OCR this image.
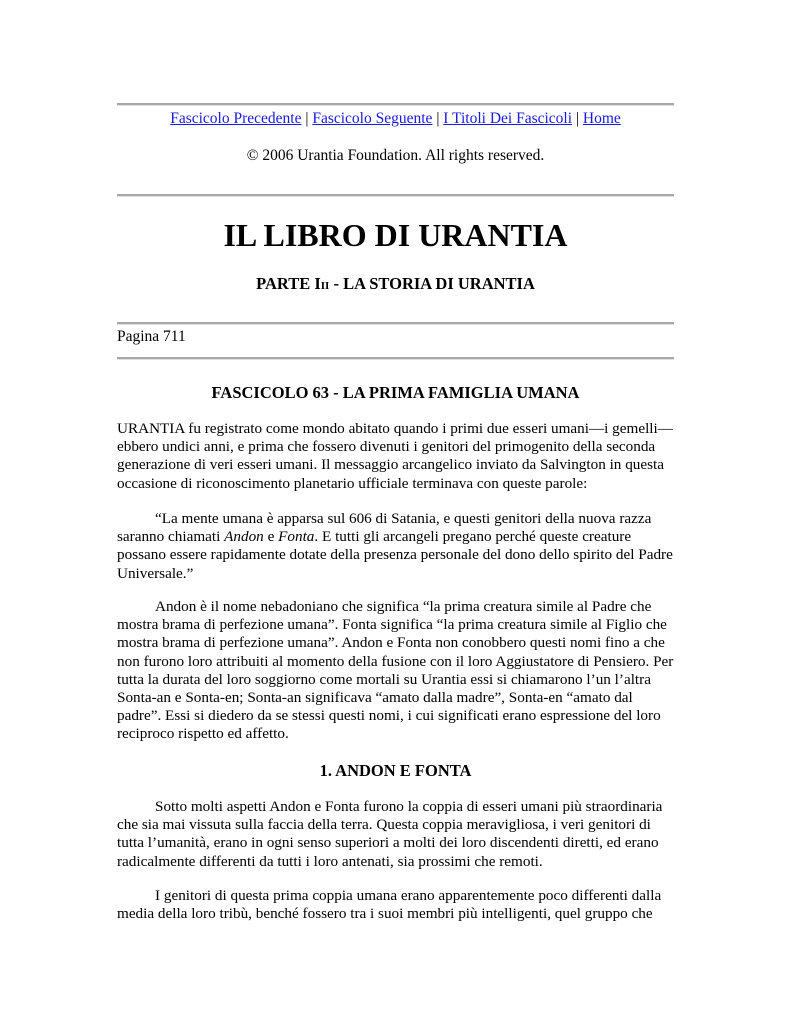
Fascicolo Precedente | Fascicolo Seguente | I Titoli Dei Fascicoli | Home
© 2006 Urantia Foundation. All rights reserved.
IL LIBRO DI URANTIA
PARTE III - LA STORIA DI URANTIA
Pagina 711
FASCICOLO 63 - LA PRIMA FAMIGLIA UMANA

URANTIA fu registrato come mondo abitato quando i primi due esseri umani—i gemelli—ebbero undici anni, e prima che fossero divenuti i genitori del primogenito della seconda generazione di veri esseri umani. Il messaggio arcangelico inviato da Salvington in questa occasione di riconoscimento planetario ufficiale terminava con queste parole:

“La mente umana è apparsa sul 606 di Satania, e questi genitori della nuova razza saranno chiamati Andon e Fonta. E tutti gli arcangeli pregano perché queste creature possano essere rapidamente dotate della presenza personale del dono dello spirito del Padre Universale.”

Andon è il nome nebadoniano che significa “la prima creatura simile al Padre che mostra brama di perfezione umana”. Fonta significa “la prima creatura simile al Figlio che mostra brama di perfezione umana”. Andon e Fonta non conobbero questi nomi fino a che non furono loro attribuiti al momento della fusione con il loro Aggiustatore di Pensiero. Per tutta la durata del loro soggiorno come mortali su Urantia essi si chiamarono l’un l’altra Sonta-an e Sonta-en; Sonta-an significava “amato dalla madre”, Sonta-en “amato dal padre”. Essi si diedero da se stessi questi nomi, i cui significati erano espressione del loro reciproco rispetto ed affetto.

1. ANDON E FONTA

Sotto molti aspetti Andon e Fonta furono la coppia di esseri umani più straordinaria che sia mai vissuta sulla faccia della terra. Questa coppia meravigliosa, i veri genitori di tutta l’umanità, erano in ogni senso superiori a molti dei loro discendenti diretti, ed erano radicalmente differenti da tutti i loro antenati, sia prossimi che remoti.

I genitori di questa prima coppia umana erano apparentemente poco differenti dalla media della loro tribù, benché fossero tra i suoi membri più intelligenti, quel gruppo che
